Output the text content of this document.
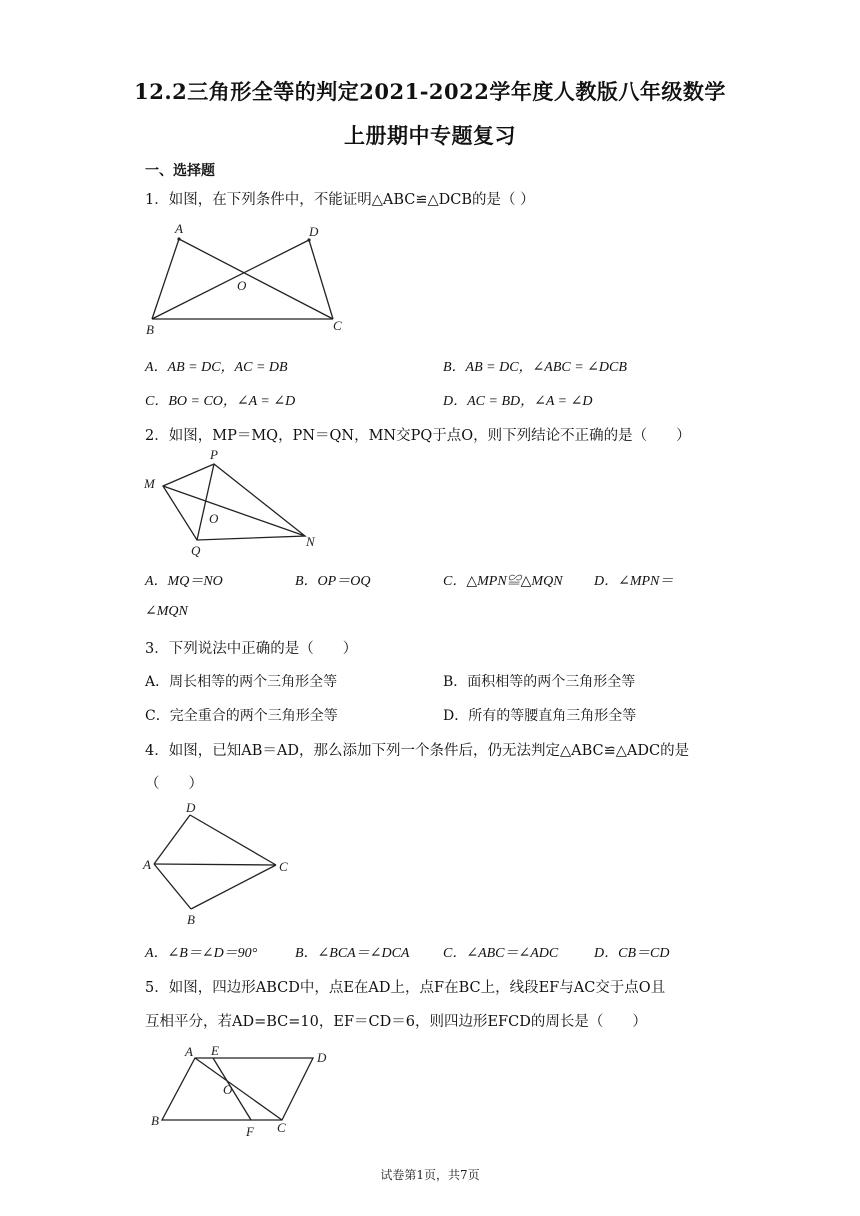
12.2三角形全等的判定2021-2022学年度人教版八年级数学
上册期中专题复习
一、选择题
1．如图，在下列条件中，不能证明△ABC≌△DCB的是（ ）
A	D
O
B	C
A．AB = DC，AC = DB	B．AB = DC，∠ABC = ∠DCB
C．BO = CO，∠A = ∠D	D．AC = BD，∠A = ∠D
2．如图，MP＝MQ，PN＝QN，MN交PQ于点O，则下列结论不正确的是（　　）
P
M
O
Q
N
A．MQ＝NO	B．OP＝OQ	C．△MPN≌△MQN D．∠MPN＝
∠MQN
3．下列说法中正确的是（　　）
A．周长相等的两个三角形全等	B．面积相等的两个三角形全等
C．完全重合的两个三角形全等	D．所有的等腰直角三角形全等
4．如图，已知AB＝AD，那么添加下列一个条件后，仍无法判定△ABC≌△ADC的是
（　　）
D
A	C
B
A．∠B＝∠D＝90°	B．∠BCA＝∠DCA C．∠ABC＝∠ADC	D．CB＝CD
5．如图，四边形ABCD中，点E在AD上，点F在BC上，线段EF与AC交于点O且
互相平分，若AD=BC=10，EF＝CD＝6，则四边形EFCD的周长是（　　）
A E	D
O
B
F C
试卷第1页，共7页
